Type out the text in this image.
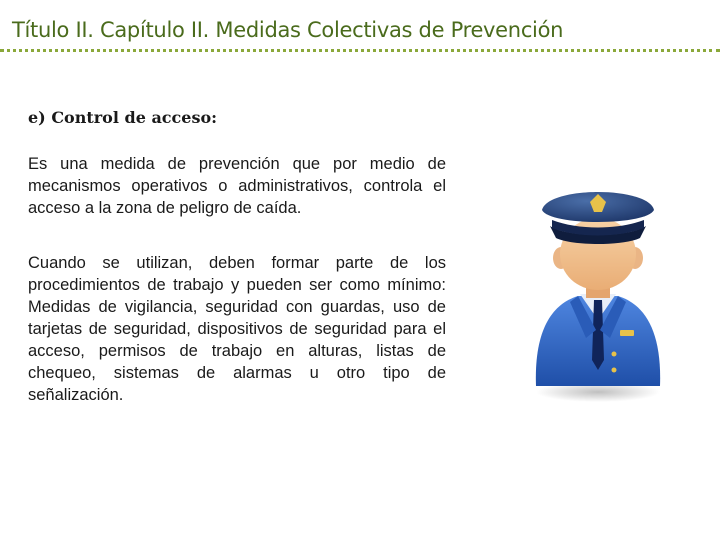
Título II. Capítulo II. Medidas Colectivas de Prevención
e) Control de acceso:
Es una medida de prevención que por medio de mecanismos operativos o administrativos, controla el acceso a la zona de peligro de caída.
Cuando se utilizan, deben formar parte de los procedimientos de trabajo y pueden ser como mínimo: Medidas de vigilancia, seguridad con guardas, uso de tarjetas de seguridad, dispositivos de seguridad para el acceso, permisos de trabajo en alturas, listas de chequeo, sistemas de alarmas u otro tipo de señalización.
